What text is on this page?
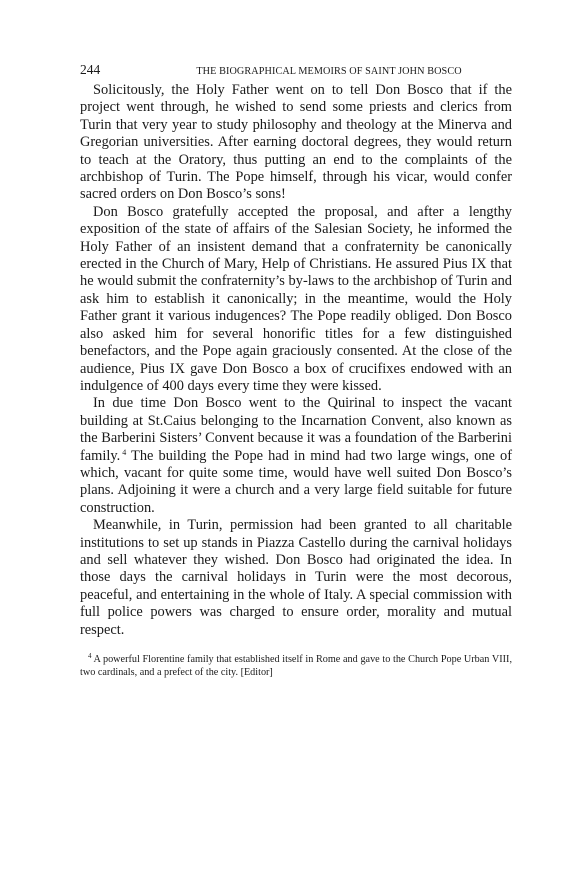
244	THE BIOGRAPHICAL MEMOIRS OF SAINT JOHN BOSCO

Solicitously, the Holy Father went on to tell Don Bosco that if the project went through, he wished to send some priests and clerics from Turin that very year to study philosophy and theology at the Minerva and Gregorian universities. After earning doctoral degrees, they would return to teach at the Oratory, thus putting an end to the complaints of the archbishop of Turin. The Pope himself, through his vicar, would confer sacred orders on Don Bosco’s sons!

Don Bosco gratefully accepted the proposal, and after a lengthy exposition of the state of affairs of the Salesian Society, he informed the Holy Father of an insistent demand that a confraternity be canonically erected in the Church of Mary, Help of Christians. He assured Pius IX that he would submit the confraternity’s by-laws to the archbishop of Turin and ask him to establish it canonically; in the meantime, would the Holy Father grant it various indugences? The Pope readily obliged. Don Bosco also asked him for several honorific titles for a few distinguished benefactors, and the Pope again graciously consented. At the close of the audience, Pius IX gave Don Bosco a box of crucifixes endowed with an indulgence of 400 days every time they were kissed.

In due time Don Bosco went to the Quirinal to inspect the vacant building at St.Caius belonging to the Incarnation Convent, also known as the Barberini Sisters’ Convent because it was a foundation of the Barberini family. $^4$ The building the Pope had in mind had two large wings, one of which, vacant for quite some time, would have well suited Don Bosco’s plans. Adjoining it were a church and a very large field suitable for future construction.

Meanwhile, in Turin, permission had been granted to all charitable institutions to set up stands in Piazza Castello during the carnival holidays and sell whatever they wished. Don Bosco had originated the idea. In those days the carnival holidays in Turin were the most decorous, peaceful, and entertaining in the whole of Italy. A special commission with full police powers was charged to ensure order, morality and mutual respect.

$^4$ A powerful Florentine family that established itself in Rome and gave to the Church Pope Urban VIII, two cardinals, and a prefect of the city. [Editor]
